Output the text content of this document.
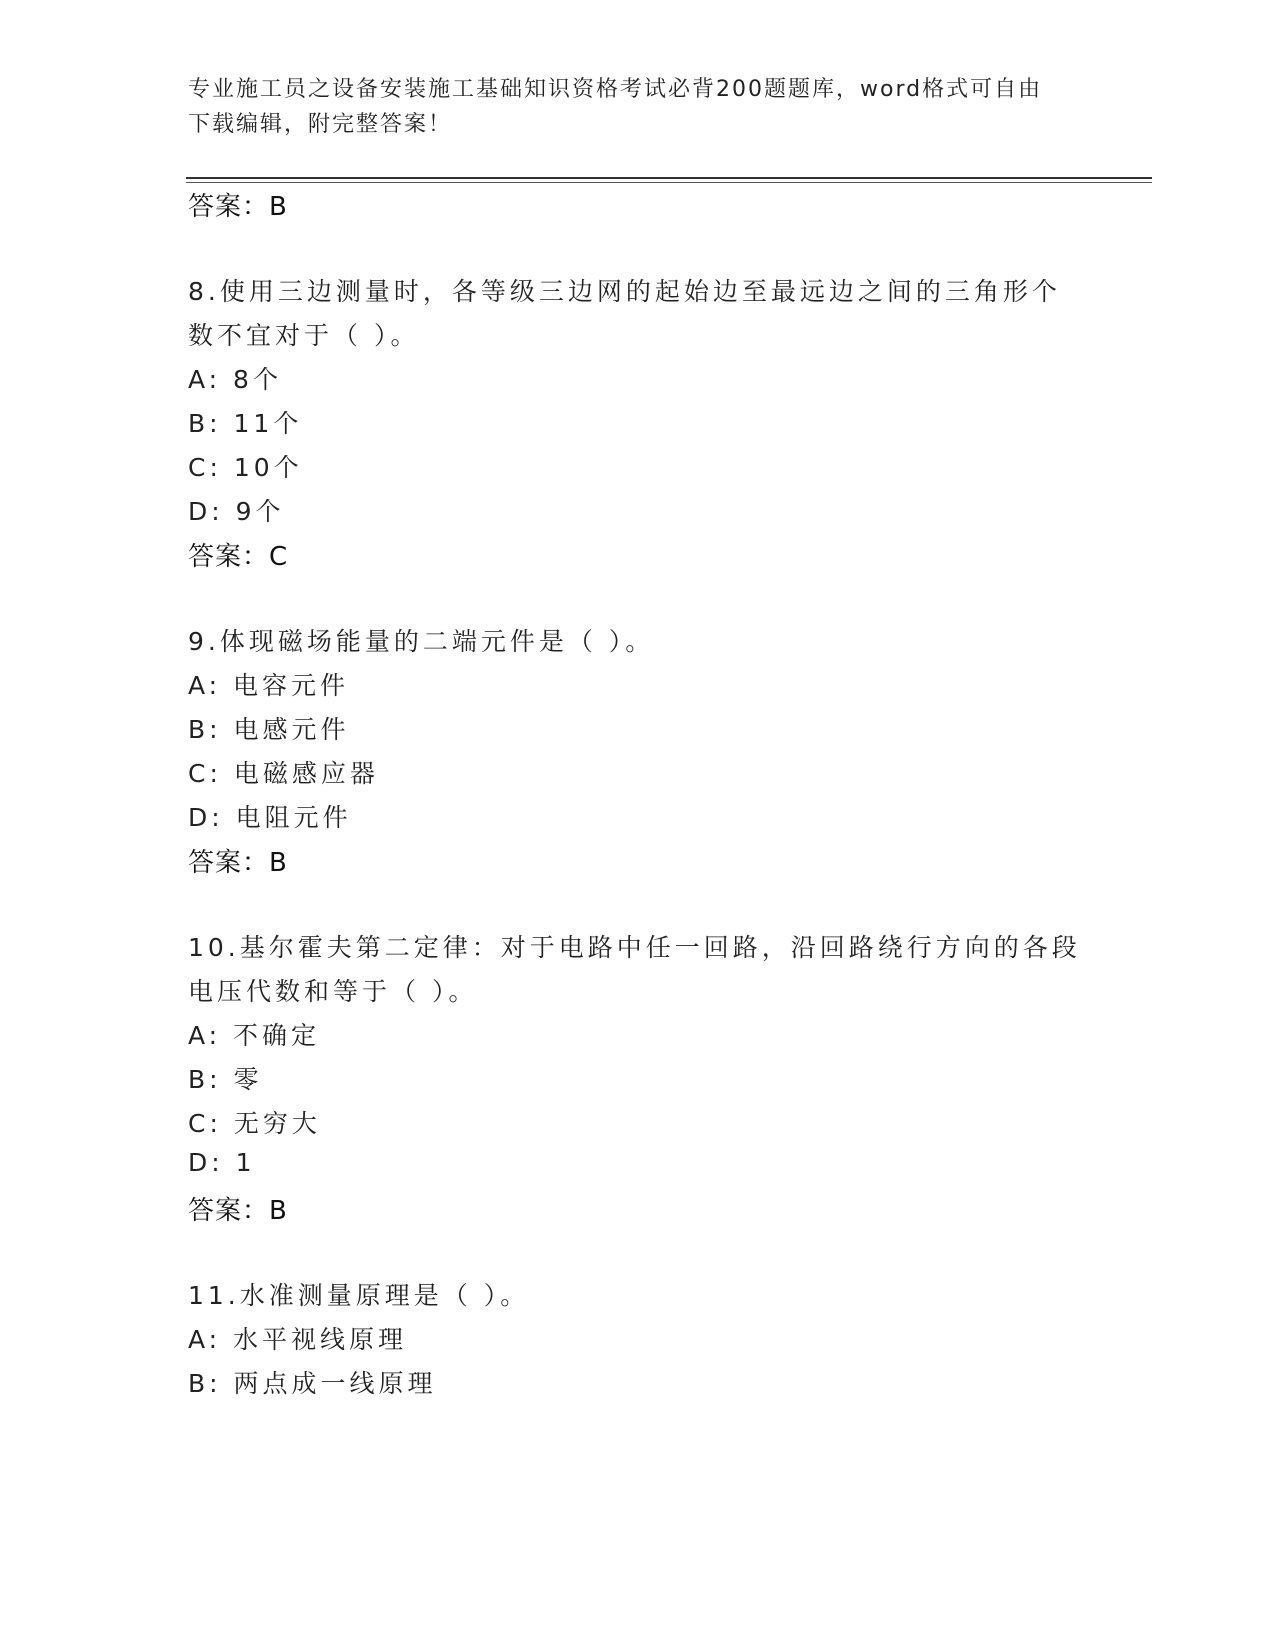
专业施工员之设备安装施工基础知识资格考试必背200题题库，word格式可自由
下载编辑，附完整答案！
答案：B
8.使用三边测量时，各等级三边网的起始边至最远边之间的三角形个
数不宜对于（ ）。
A: 8个
B: 11个
C: 10个
D: 9个
答案：C
9.体现磁场能量的二端元件是（ ）。
A: 电容元件
B: 电感元件
C: 电磁感应器
D: 电阻元件
答案：B
10.基尔霍夫第二定律：对于电路中任一回路，沿回路绕行方向的各段
电压代数和等于（ ）。
A: 不确定
B: 零
C: 无穷大
D: 1
答案：B
11.水准测量原理是（ ）。
A: 水平视线原理
B: 两点成一线原理
